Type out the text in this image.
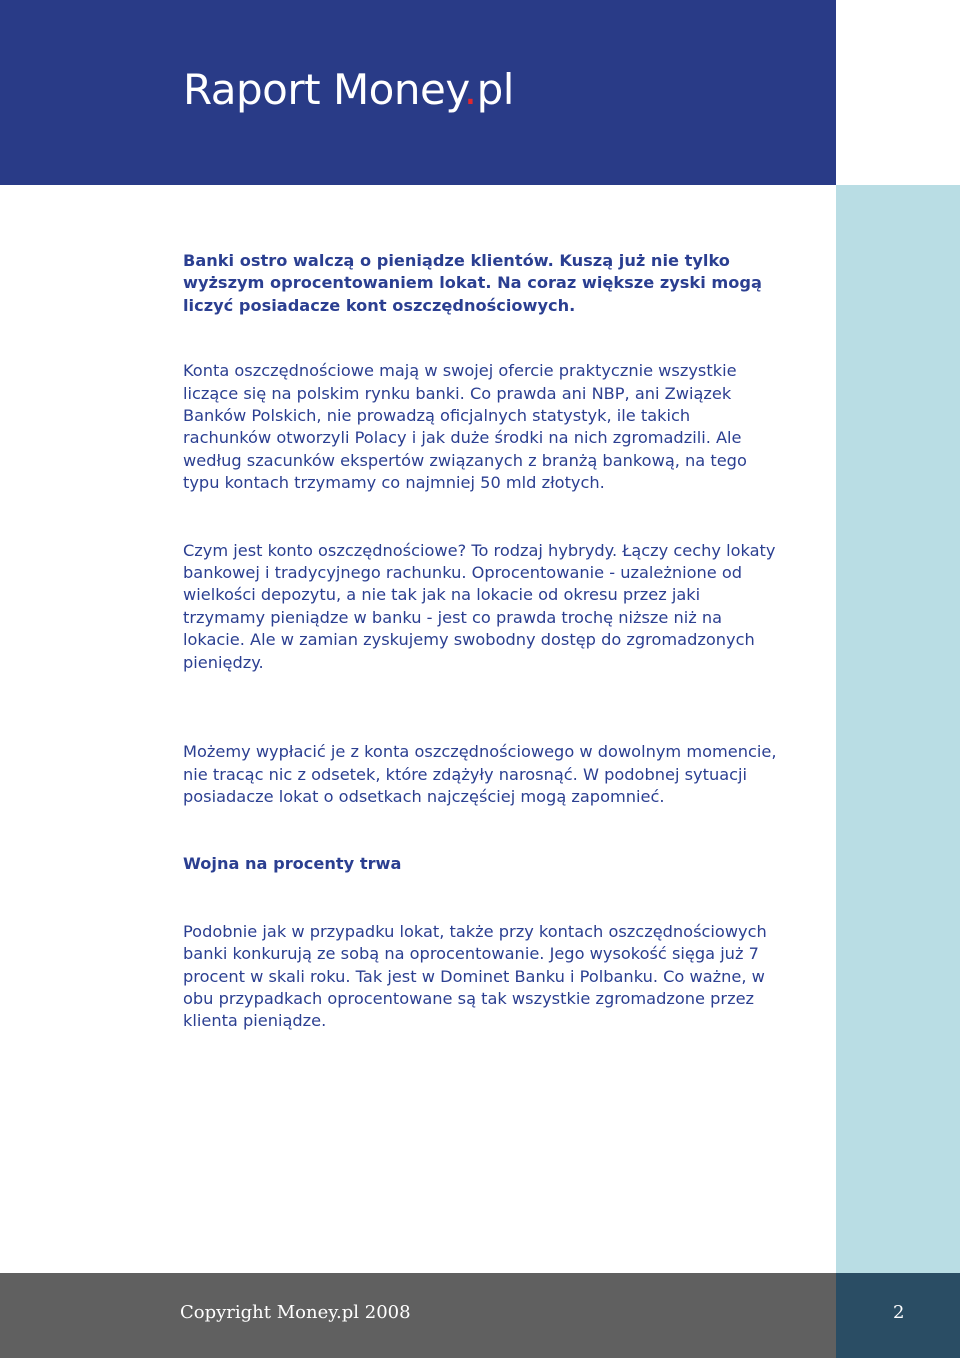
Raport Money.pl

Banki ostro walczą o pieniądze klientów. Kuszą już nie tylko wyższym oprocentowaniem lokat. Na coraz większe zyski mogą liczyć posiadacze kont oszczędnościowych.

Konta oszczędnościowe mają w swojej ofercie praktycznie wszystkie liczące się na polskim rynku banki. Co prawda ani NBP, ani Związek Banków Polskich, nie prowadzą oficjalnych statystyk, ile takich rachunków otworzyli Polacy i jak duże środki na nich zgromadzili. Ale według szacunków ekspertów związanych z branżą bankową, na tego typu kontach trzymamy co najmniej 50 mld złotych.

Czym jest konto oszczędnościowe? To rodzaj hybrydy. Łączy cechy lokaty bankowej i tradycyjnego rachunku. Oprocentowanie - uzależnione od wielkości depozytu, a nie tak jak na lokacie od okresu przez jaki trzymamy pieniądze w banku - jest co prawda trochę niższe niż na lokacie. Ale w zamian zyskujemy swobodny dostęp do zgromadzonych pieniędzy.

Możemy wypłacić je z konta oszczędnościowego w dowolnym momencie, nie tracąc nic z odsetek, które zdążyły narosnąć. W podobnej sytuacji posiadacze lokat o odsetkach najczęściej mogą zapomnieć.

Wojna na procenty trwa

Podobnie jak w przypadku lokat, także przy kontach oszczędnościowych banki konkurują ze sobą na oprocentowanie. Jego wysokość sięga już 7 procent w skali roku. Tak jest w Dominet Banku i Polbanku. Co ważne, w obu przypadkach oprocentowane są tak wszystkie zgromadzone przez klienta pieniądze.

Copyright Money.pl 2008	2
